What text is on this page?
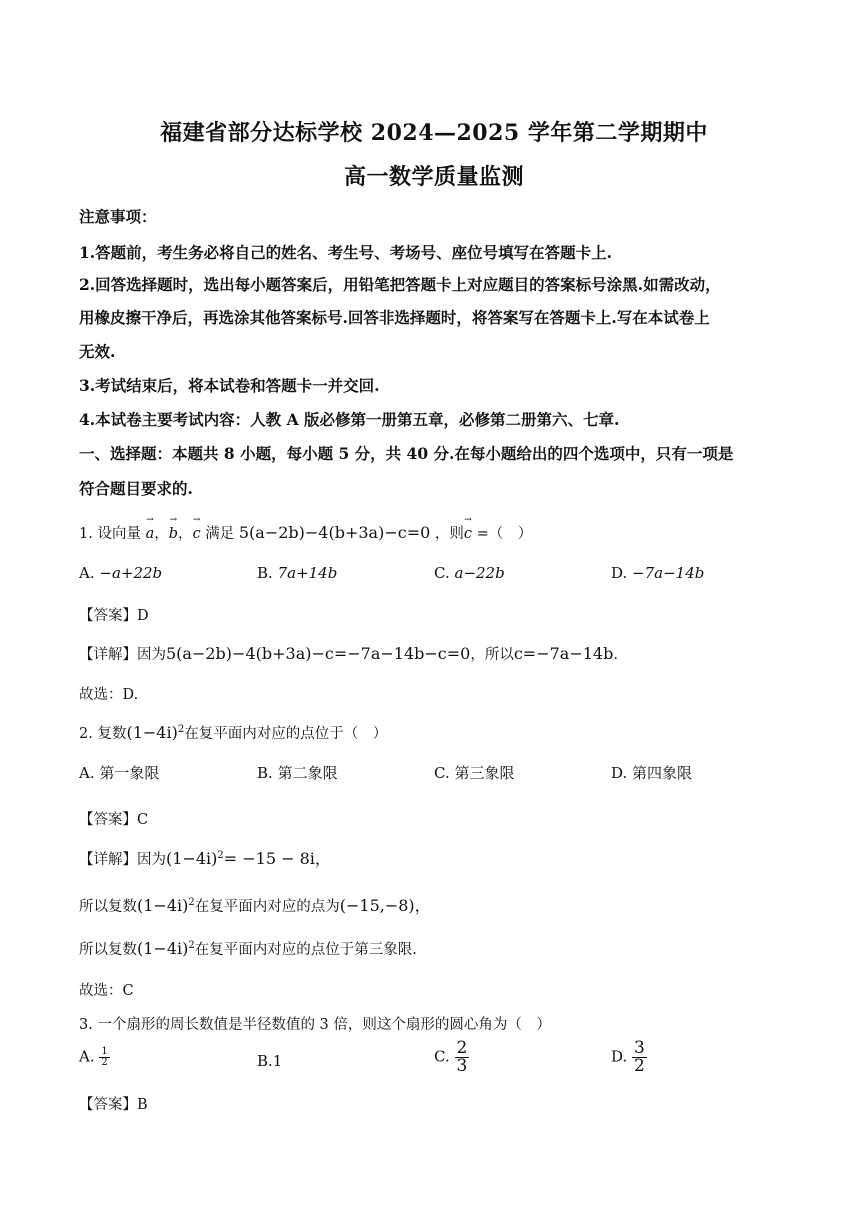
福建省部分达标学校 2024—2025 学年第二学期期中
高一数学质量监测
注意事项：
1.答题前，考生务必将自己的姓名、考生号、考场号、座位号填写在答题卡上.
2.回答选择题时，选出每小题答案后，用铅笔把答题卡上对应题目的答案标号涂黑.如需改动，
用橡皮擦干净后，再选涂其他答案标号.回答非选择题时，将答案写在答题卡上.写在本试卷上
无效.
3.考试结束后，将本试卷和答题卡一并交回.
4.本试卷主要考试内容：人教 A 版必修第一册第五章，必修第二册第六、七章.
一、选择题：本题共 8 小题，每小题 5 分，共 40 分.在每小题给出的四个选项中，只有一项是
符合题目要求的.
1. 设向量 → a，→ b，→ c 满足 5(a−2b)−4(b+3a)−c=0 ，则→ c =（　）
A. −a+22b	B. 7a+14b	C. a−22b	D. −7a−14b
【答案】D
【详解】因为5(a−2b)−4(b+3a)−c=−7a−14b−c=0，所以c=−7a−14b.
故选：D.
2. 复数$(1-4i)^2$在复平面内对应的点位于（　）
A. 第一象限	B. 第二象限	C. 第三象限	D. 第四象限
【答案】C
【详解】因为$(1-4i)^2= -15 - 8i$，
所以复数$(1-4i)^2$在复平面内对应的点为(−15,−8)，
所以复数$(1-4i)^2$在复平面内对应的点位于第三象限.
故选：C
3. 一个扇形的周长数值是半径数值的 3 倍，则这个扇形的圆心角为（　）
A. $\frac{1}{2}$	B.1	C. $\frac{2}{3}$	D. $\frac{3}{2}$
【答案】B
